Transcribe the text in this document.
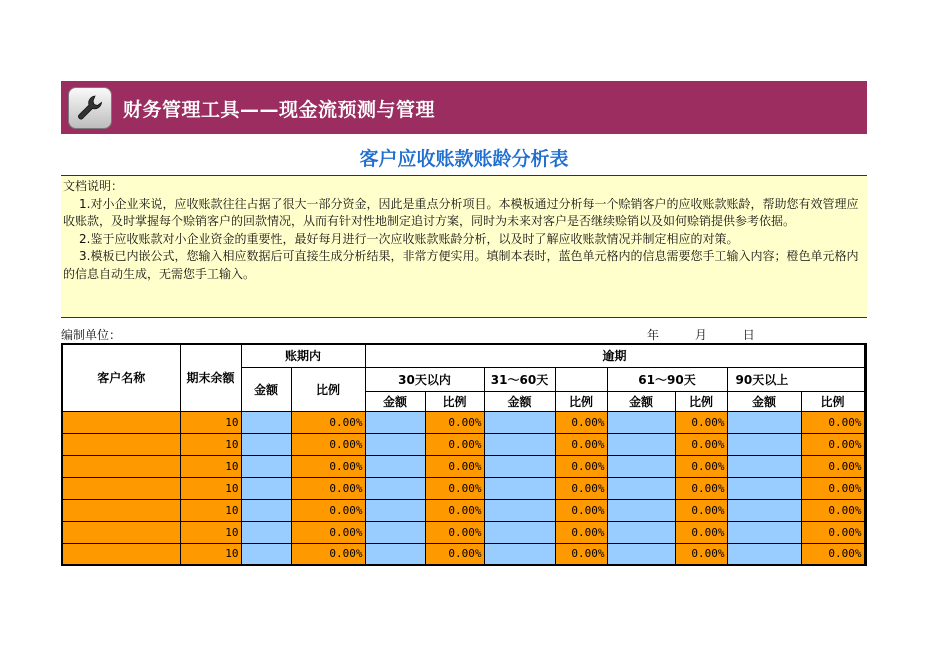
财务管理工具——现金流预测与管理
客户应收账款账龄分析表

文档说明：

1.对小企业来说，应收账款往往占据了很大一部分资金，因此是重点分析项目。本模板通过分析每一个赊销客户的应收账款账龄，帮助您有效管理应收账款，及时掌握每个赊销客户的回款情况，从而有针对性地制定追讨方案，同时为未来对客户是否继续赊销以及如何赊销提供参考依据。

2.鉴于应收账款对小企业资金的重要性，最好每月进行一次应收账款账龄分析，以及时了解应收账款情况并制定相应的对策。

3.模板已内嵌公式，您输入相应数据后可直接生成分析结果，非常方便实用。填制本表时，蓝色单元格内的信息需要您手工输入内容；橙色单元格内的信息自动生成，无需您手工输入。

编制单位：	年	月	日
客户名称	期末余额	账期内		逾期								
		金额	比例	30天以内		31～60天		61～90天		90天以上		
				金额	比例	金额	比例	金额	比例	金额	比例	
	10		0.00%		0.00%		0.00%		0.00%		0.00%	
	10		0.00%		0.00%		0.00%		0.00%		0.00%	
	10		0.00%		0.00%		0.00%		0.00%		0.00%	
	10		0.00%		0.00%		0.00%		0.00%		0.00%	
	10		0.00%		0.00%		0.00%		0.00%		0.00%	
	10		0.00%		0.00%		0.00%		0.00%		0.00%	
	10		0.00%		0.00%		0.00%		0.00%		0.00%	
